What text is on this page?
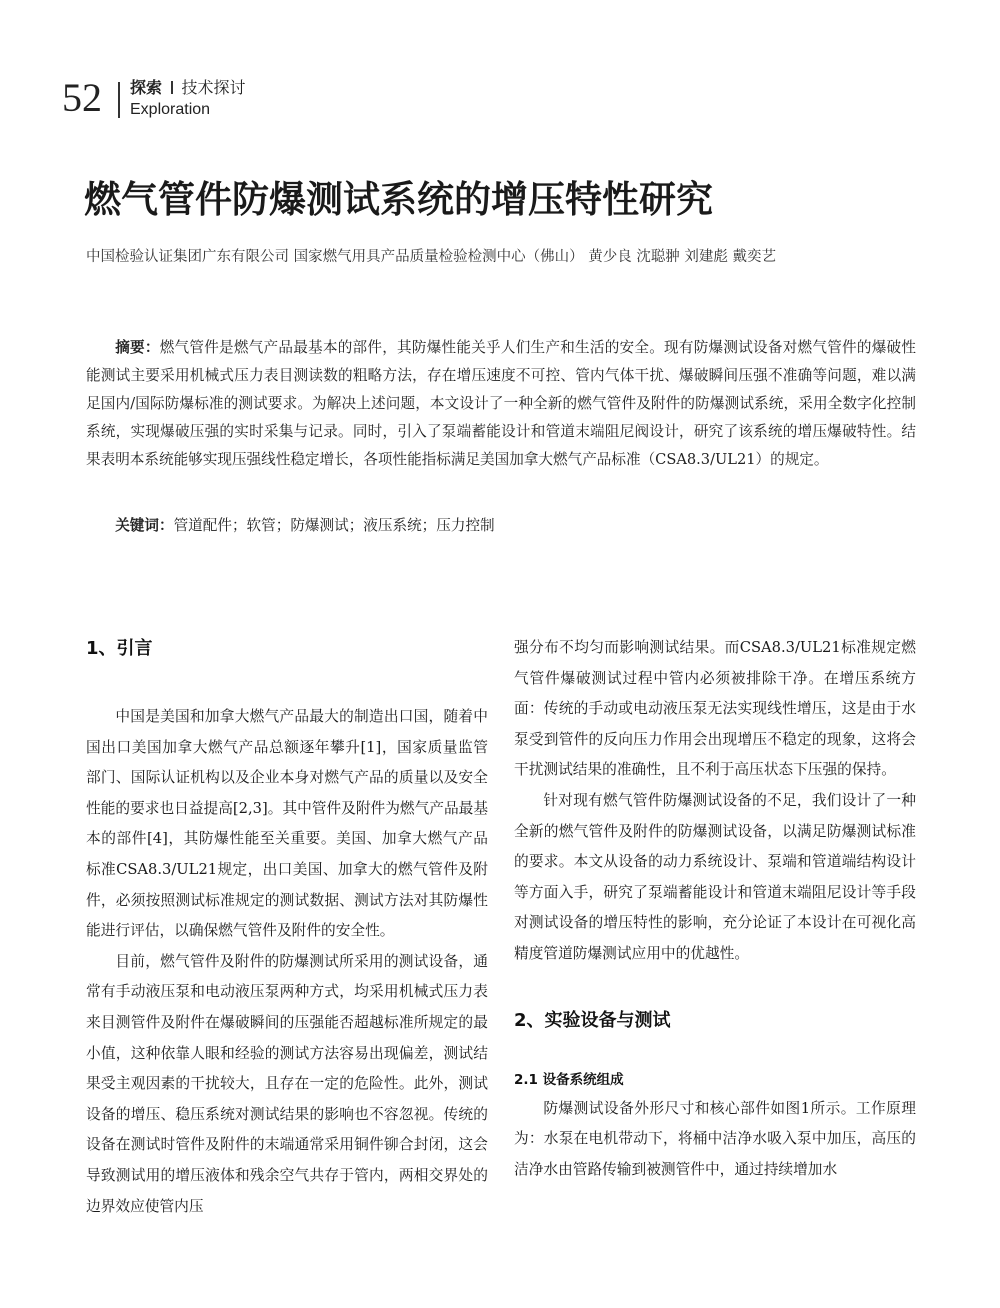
52 探索 技术探讨
Exploration
燃气管件防爆测试系统的增压特性研究
中国检验认证集团广东有限公司 国家燃气用具产品质量检验检测中心（佛山） 黄少良 沈聪翀 刘建彪 戴奕艺

摘要：燃气管件是燃气产品最基本的部件，其防爆性能关乎人们生产和生活的安全。现有防爆测试设备对燃气管件的爆破性能测试主要采用机械式压力表目测读数的粗略方法，存在增压速度不可控、管内气体干扰、爆破瞬间压强不准确等问题，难以满足国内/国际防爆标准的测试要求。为解决上述问题，本文设计了一种全新的燃气管件及附件的防爆测试系统，采用全数字化控制系统，实现爆破压强的实时采集与记录。同时，引入了泵端蓄能设计和管道末端阻尼阀设计，研究了该系统的增压爆破特性。结果表明本系统能够实现压强线性稳定增长，各项性能指标满足美国加拿大燃气产品标准（CSA8.3/UL21）的规定。

关键词：管道配件；软管；防爆测试；液压系统；压力控制

1、引言

中国是美国和加拿大燃气产品最大的制造出口国，随着中国出口美国加拿大燃气产品总额逐年攀升[1]，国家质量监管部门、国际认证机构以及企业本身对燃气产品的质量以及安全性能的要求也日益提高[2,3]。其中管件及附件为燃气产品最基本的部件[4]，其防爆性能至关重要。美国、加拿大燃气产品标准CSA8.3/UL21规定，出口美国、加拿大的燃气管件及附件，必须按照测试标准规定的测试数据、测试方法对其防爆性能进行评估，以确保燃气管件及附件的安全性。

目前，燃气管件及附件的防爆测试所采用的测试设备，通常有手动液压泵和电动液压泵两种方式，均采用机械式压力表来目测管件及附件在爆破瞬间的压强能否超越标准所规定的最小值，这种依靠人眼和经验的测试方法容易出现偏差，测试结果受主观因素的干扰较大，且存在一定的危险性。此外，测试设备的增压、稳压系统对测试结果的影响也不容忽视。传统的设备在测试时管件及附件的末端通常采用铜件铆合封闭，这会导致测试用的增压液体和残余空气共存于管内，两相交界处的边界效应使管内压

强分布不均匀而影响测试结果。而CSA8.3/UL21标准规定燃气管件爆破测试过程中管内必须被排除干净。在增压系统方面：传统的手动或电动液压泵无法实现线性增压，这是由于水泵受到管件的反向压力作用会出现增压不稳定的现象，这将会干扰测试结果的准确性，且不利于高压状态下压强的保持。

针对现有燃气管件防爆测试设备的不足，我们设计了一种全新的燃气管件及附件的防爆测试设备，以满足防爆测试标准的要求。本文从设备的动力系统设计、泵端和管道端结构设计等方面入手，研究了泵端蓄能设计和管道末端阻尼设计等手段对测试设备的增压特性的影响，充分论证了本设计在可视化高精度管道防爆测试应用中的优越性。

2、实验设备与测试
2.1 设备系统组成

防爆测试设备外形尺寸和核心部件如图1所示。工作原理为：水泵在电机带动下，将桶中洁净水吸入泵中加压，高压的洁净水由管路传输到被测管件中，通过持续增加水
